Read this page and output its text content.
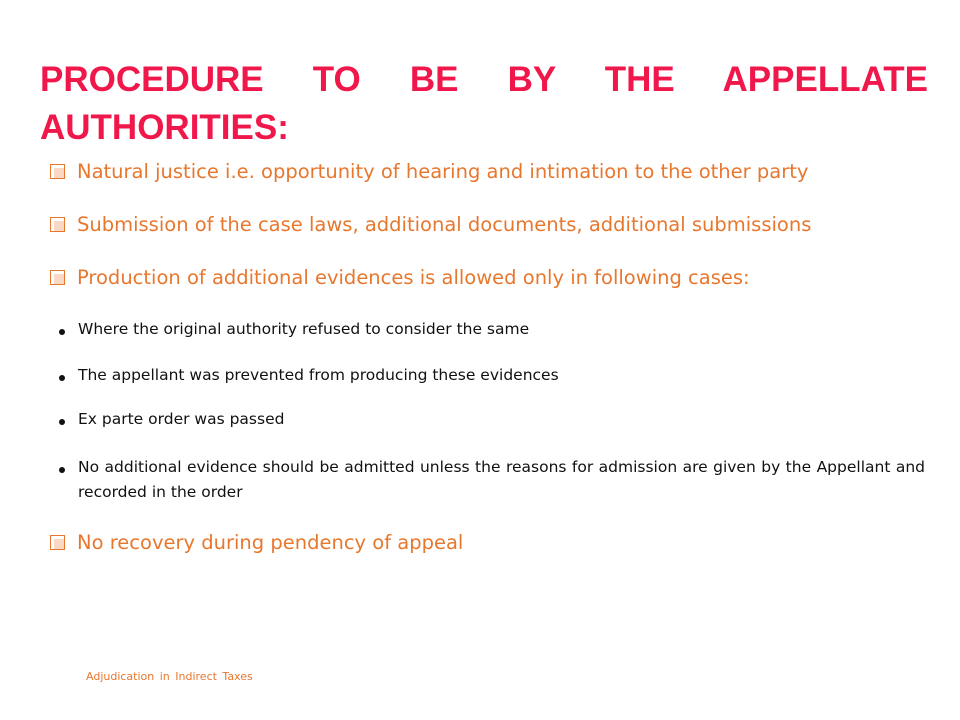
PROCEDURE TO BE BY THE APPELLATE AUTHORITIES:
Natural justice i.e. opportunity of hearing and intimation to the other party
Submission of the case laws, additional documents, additional submissions
Production of additional evidences is allowed only in following cases:
Where the original authority refused to consider the same
The appellant was prevented from producing these evidences
Ex parte order was passed
No additional evidence should be admitted unless the reasons for admission are given by the Appellant and recorded in the order
No recovery during pendency of appeal
Adjudication in Indirect Taxes
